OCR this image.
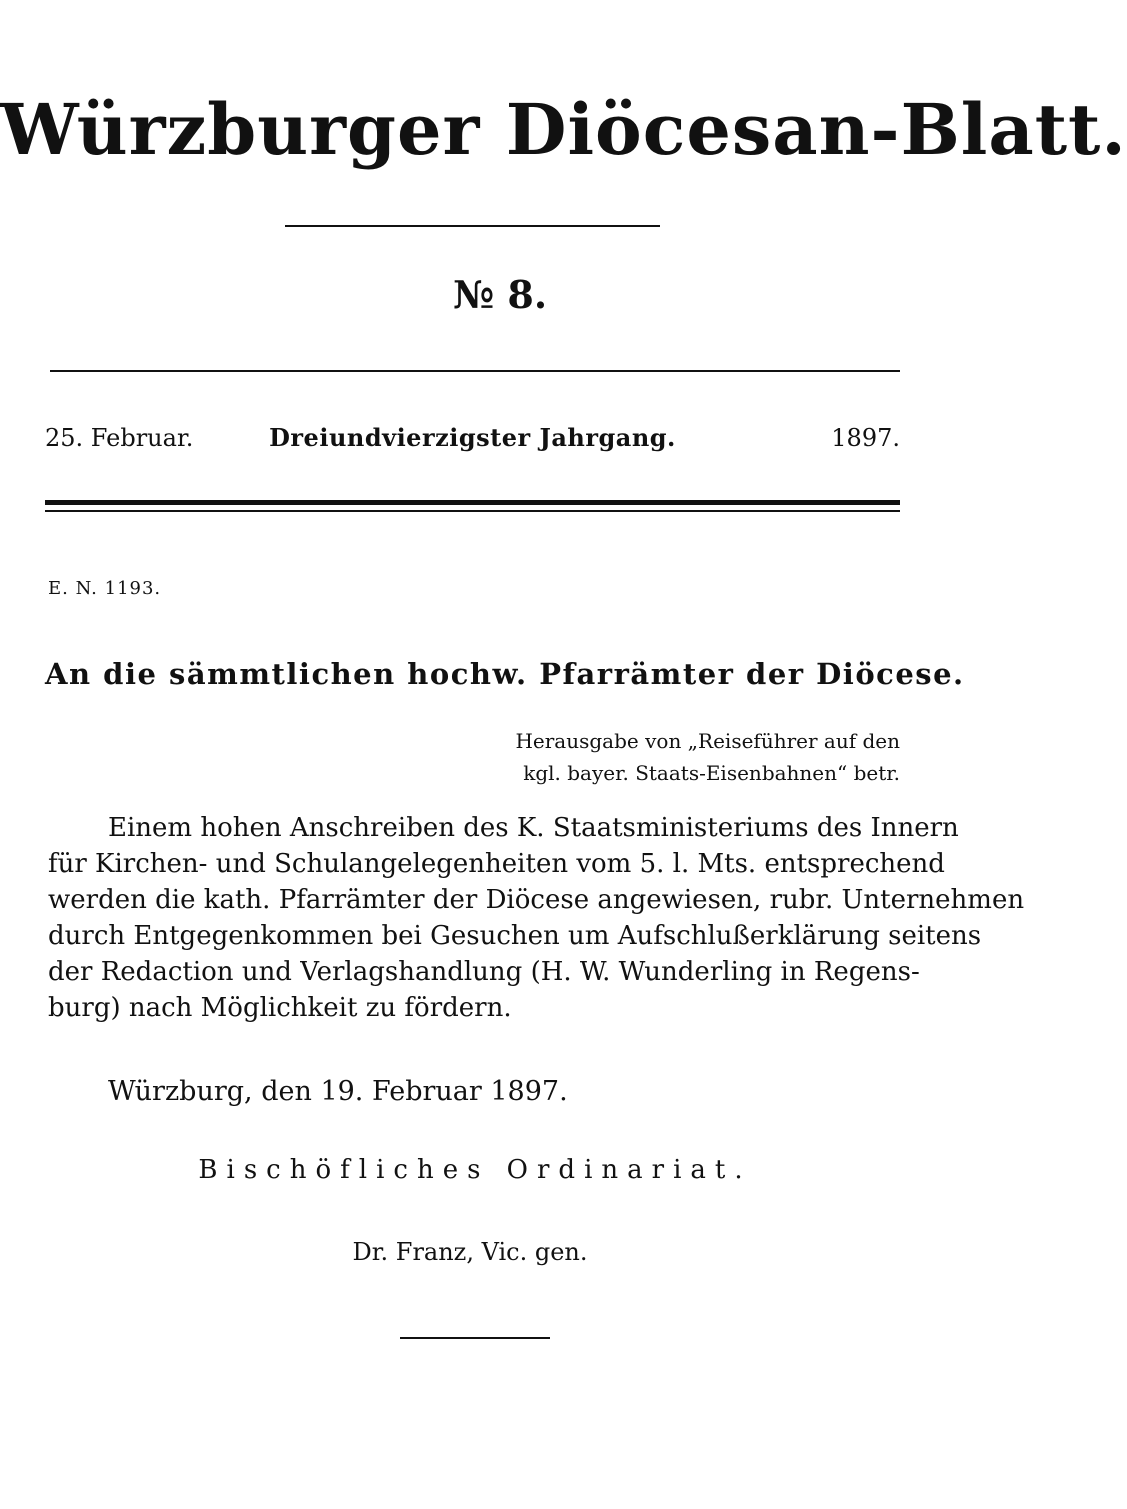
Würzburger Diöcesan-Blatt.
№ 8.
25. Februar.	Dreiundvierzigster Jahrgang.	1897.
E. N. 1193.
An die sämmtlichen hochw. Pfarrämter der Diöcese.
Herausgabe von „Reiseführer auf den
kgl. bayer. Staats-Eisenbahnen“ betr.
Einem hohen Anschreiben des K. Staatsministeriums des Innern
für Kirchen- und Schulangelegenheiten vom 5. l. Mts. entsprechend
werden die kath. Pfarrämter der Diöcese angewiesen, rubr. Unternehmen
durch Entgegenkommen bei Gesuchen um Aufschlußerklärung seitens
der Redaction und Verlagshandlung (H. W. Wunderling in Regens-
burg) nach Möglichkeit zu fördern.
Würzburg, den 19. Februar 1897.
Bischöfliches Ordinariat.
Dr. Franz, Vic. gen.
